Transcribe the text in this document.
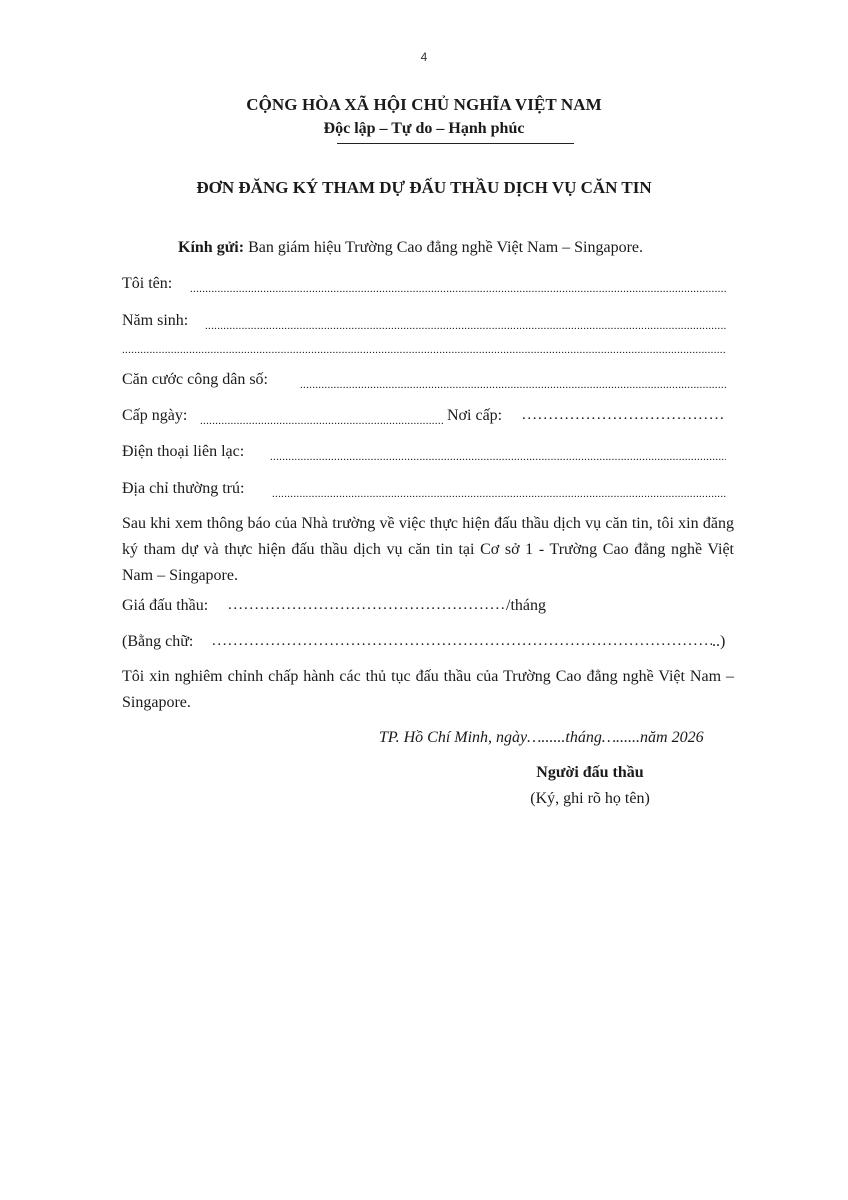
4
CỘNG HÒA XÃ HỘI CHỦ NGHĨA VIỆT NAM
Độc lập – Tự do – Hạnh phúc
ĐƠN ĐĂNG KÝ THAM DỰ ĐẤU THẦU DỊCH VỤ CĂN TIN
Kính gửi: Ban giám hiệu Trường Cao đẳng nghề Việt Nam – Singapore.
Tôi tên:
.....
Năm sinh:
.....
.....
Căn cước công dân số:
.....
Cấp ngày: .....	Nơi cấp:
.....
Điện thoại liên lạc:
.....
Địa chỉ thường trú:
.....
Sau khi xem thông báo của Nhà trường về việc thực hiện đấu thầu dịch vụ căn tin, tôi xin đăng ký tham dự và thực hiện đấu thầu dịch vụ căn tin tại Cơ sở 1 - Trường Cao đẳng nghề Việt Nam – Singapore.
Giá đấu thầu: .....	/tháng
(Bằng chữ: .....	..)
Tôi xin nghiêm chỉnh chấp hành các thủ tục đấu thầu của Trường Cao đẳng nghề Việt Nam – Singapore.
TP. Hồ Chí Minh, ngày…......tháng…......năm 2026
Người đấu thầu
(Ký, ghi rõ họ tên)
